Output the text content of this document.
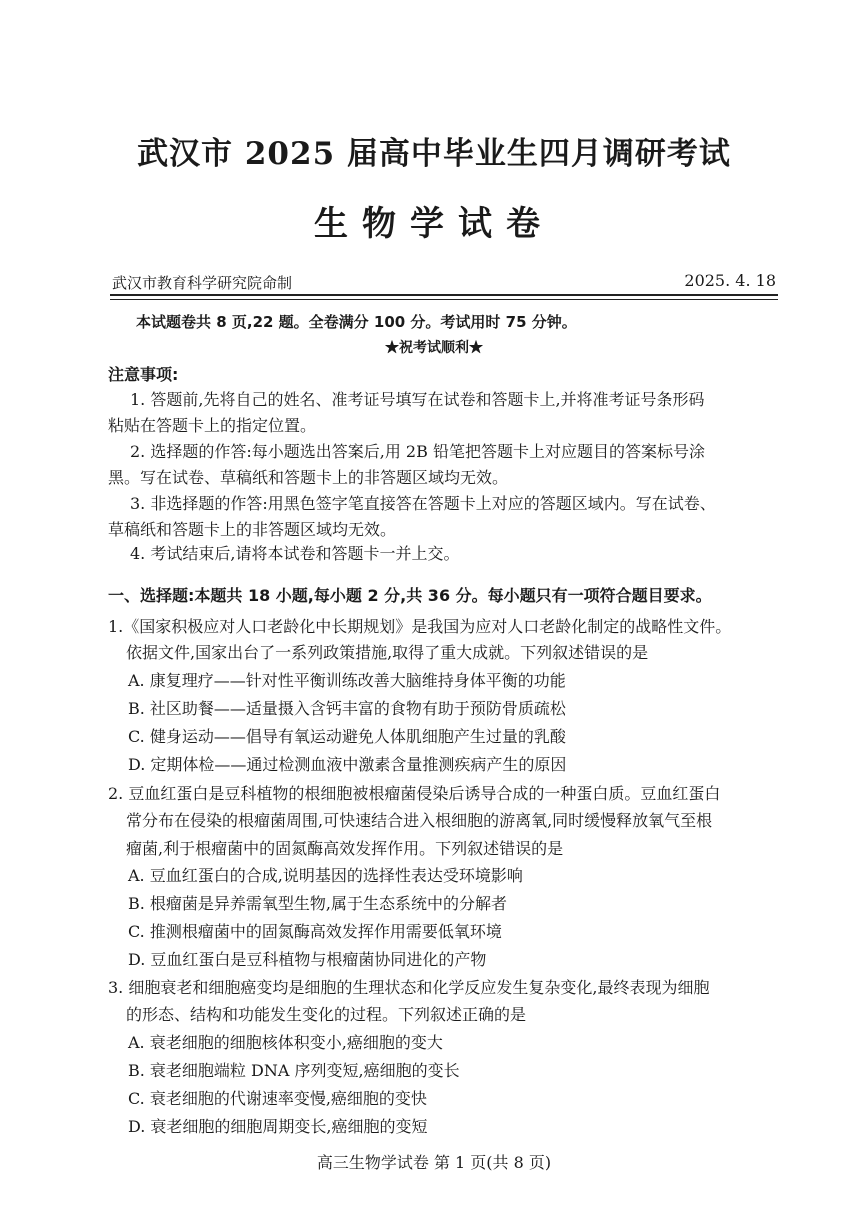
武汉市 2025 届高中毕业生四月调研考试
生物学试卷
武汉市教育科学研究院命制	2025. 4. 18
本试题卷共 8 页,22 题。全卷满分 100 分。考试用时 75 分钟。
★祝考试顺利★
注意事项:
1. 答题前,先将自己的姓名、准考证号填写在试卷和答题卡上,并将准考证号条形码
粘贴在答题卡上的指定位置。
2. 选择题的作答:每小题选出答案后,用 2B 铅笔把答题卡上对应题目的答案标号涂
黑。写在试卷、草稿纸和答题卡上的非答题区域均无效。
3. 非选择题的作答:用黑色签字笔直接答在答题卡上对应的答题区域内。写在试卷、
草稿纸和答题卡上的非答题区域均无效。
4. 考试结束后,请将本试卷和答题卡一并上交。
一、选择题:本题共 18 小题,每小题 2 分,共 36 分。每小题只有一项符合题目要求。
1.《国家积极应对人口老龄化中长期规划》是我国为应对人口老龄化制定的战略性文件。
依据文件,国家出台了一系列政策措施,取得了重大成就。下列叙述错误的是
A. 康复理疗——针对性平衡训练改善大脑维持身体平衡的功能
B. 社区助餐——适量摄入含钙丰富的食物有助于预防骨质疏松
C. 健身运动——倡导有氧运动避免人体肌细胞产生过量的乳酸
D. 定期体检——通过检测血液中激素含量推测疾病产生的原因
2. 豆血红蛋白是豆科植物的根细胞被根瘤菌侵染后诱导合成的一种蛋白质。豆血红蛋白
常分布在侵染的根瘤菌周围,可快速结合进入根细胞的游离氧,同时缓慢释放氧气至根
瘤菌,利于根瘤菌中的固氮酶高效发挥作用。下列叙述错误的是
A. 豆血红蛋白的合成,说明基因的选择性表达受环境影响
B. 根瘤菌是异养需氧型生物,属于生态系统中的分解者
C. 推测根瘤菌中的固氮酶高效发挥作用需要低氧环境
D. 豆血红蛋白是豆科植物与根瘤菌协同进化的产物
3. 细胞衰老和细胞癌变均是细胞的生理状态和化学反应发生复杂变化,最终表现为细胞
的形态、结构和功能发生变化的过程。下列叙述正确的是
A. 衰老细胞的细胞核体积变小,癌细胞的变大
B. 衰老细胞端粒 DNA 序列变短,癌细胞的变长
C. 衰老细胞的代谢速率变慢,癌细胞的变快
D. 衰老细胞的细胞周期变长,癌细胞的变短
高三生物学试卷 第 1 页(共 8 页)
